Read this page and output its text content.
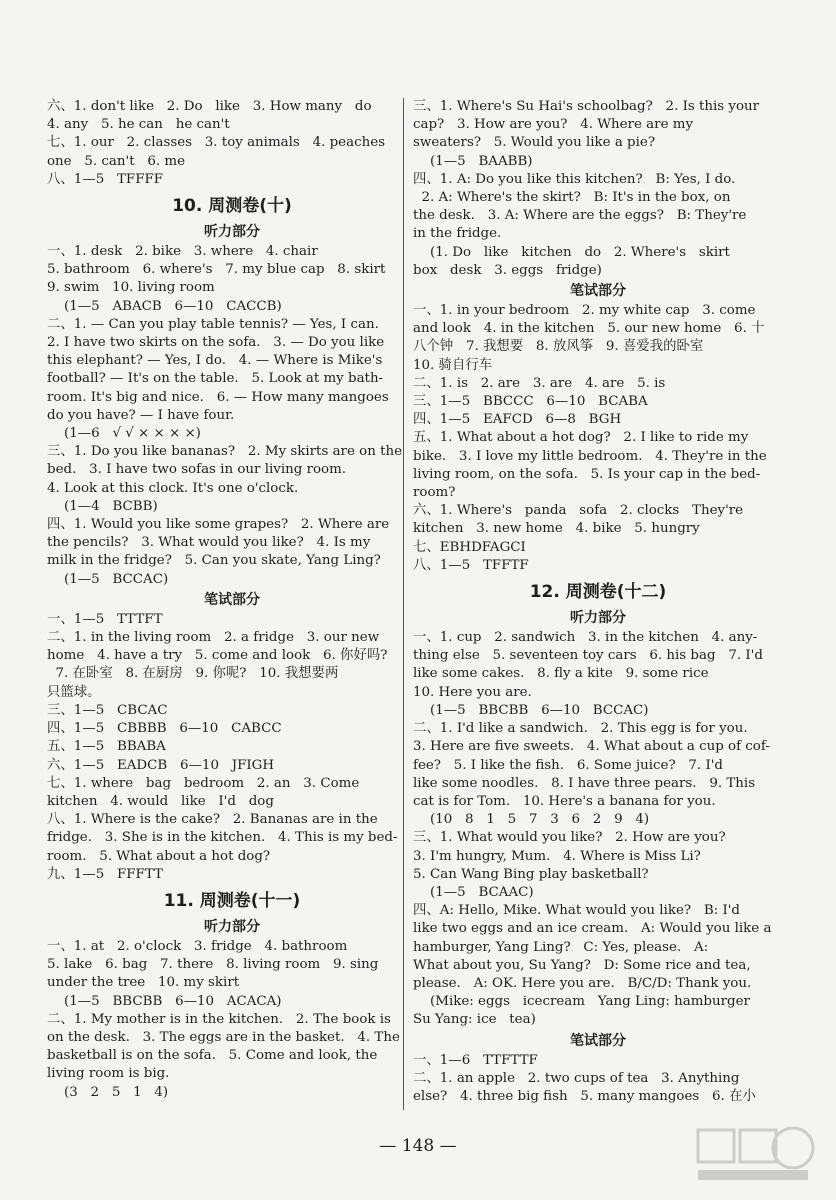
六、1. don't like   2. Do   like   3. How many   do
4. any   5. he can   he can't
七、1. our   2. classes   3. toy animals   4. peaches
one   5. can't   6. me
八、1—5   TFFFF
10. 周测卷(十)
听力部分
一、1. desk   2. bike   3. where   4. chair
5. bathroom   6. where's   7. my blue cap   8. skirt
9. swim   10. living room
(1—5   ABACB   6—10   CACCB)
二、1. — Can you play table tennis? — Yes, I can.
2. I have two skirts on the sofa.   3. — Do you like
this elephant? — Yes, I do.   4. — Where is Mike's
football? — It's on the table.   5. Look at my bath-
room. It's big and nice.   6. — How many mangoes
do you have? — I have four.
(1—6   √ √ × × × ×)
三、1. Do you like bananas?   2. My skirts are on the
bed.   3. I have two sofas in our living room.
4. Look at this clock. It's one o'clock.
(1—4   BCBB)
四、1. Would you like some grapes?   2. Where are
the pencils?   3. What would you like?   4. Is my
milk in the fridge?   5. Can you skate, Yang Ling?
(1—5   BCCAC)
笔试部分
一、1—5   TTTFT
二、1. in the living room   2. a fridge   3. our new
home   4. have a try   5. come and look   6. 你好吗?
7. 在卧室   8. 在厨房   9. 你呢?   10. 我想要两
只篮球。
三、1—5   CBCAC
四、1—5   CBBBB   6—10   CABCC
五、1—5   BBABA
六、1—5   EADCB   6—10   JFIGH
七、1. where   bag   bedroom   2. an   3. Come
kitchen   4. would   like   I'd   dog
八、1. Where is the cake?   2. Bananas are in the
fridge.   3. She is in the kitchen.   4. This is my bed-
room.   5. What about a hot dog?
九、1—5   FFFTT
11. 周测卷(十一)
听力部分
一、1. at   2. o'clock   3. fridge   4. bathroom
5. lake   6. bag   7. there   8. living room   9. sing
under the tree   10. my skirt
(1—5   BBCBB   6—10   ACACA)
二、1. My mother is in the kitchen.   2. The book is
on the desk.   3. The eggs are in the basket.   4. The
basketball is on the sofa.   5. Come and look, the
living room is big.
(3   2   5   1   4)
三、1. Where's Su Hai's schoolbag?   2. Is this your
cap?   3. How are you?   4. Where are my
sweaters?   5. Would you like a pie?
(1—5   BAABB)
四、1. A: Do you like this kitchen?   B: Yes, I do.
2. A: Where's the skirt?   B: It's in the box, on
the desk.   3. A: Where are the eggs?   B: They're
in the fridge.
(1. Do   like   kitchen   do   2. Where's   skirt
box   desk   3. eggs   fridge)
笔试部分
一、1. in your bedroom   2. my white cap   3. come
and look   4. in the kitchen   5. our new home   6. 十
八个钟   7. 我想要   8. 放风筝   9. 喜爱我的卧室
10. 骑自行车
二、1. is   2. are   3. are   4. are   5. is
三、1—5   BBCCC   6—10   BCABA
四、1—5   EAFCD   6—8   BGH
五、1. What about a hot dog?   2. I like to ride my
bike.   3. I love my little bedroom.   4. They're in the
living room, on the sofa.   5. Is your cap in the bed-
room?
六、1. Where's   panda   sofa   2. clocks   They're
kitchen   3. new home   4. bike   5. hungry
七、EBHDFAGCI
八、1—5   TFFTF
12. 周测卷(十二)
听力部分
一、1. cup   2. sandwich   3. in the kitchen   4. any-
thing else   5. seventeen toy cars   6. his bag   7. I'd
like some cakes.   8. fly a kite   9. some rice
10. Here you are.
(1—5   BBCBB   6—10   BCCAC)
二、1. I'd like a sandwich.   2. This egg is for you.
3. Here are five sweets.   4. What about a cup of cof-
fee?   5. I like the fish.   6. Some juice?   7. I'd
like some noodles.   8. I have three pears.   9. This
cat is for Tom.   10. Here's a banana for you.
(10   8   1   5   7   3   6   2   9   4)
三、1. What would you like?   2. How are you?
3. I'm hungry, Mum.   4. Where is Miss Li?
5. Can Wang Bing play basketball?
(1—5   BCAAC)
四、A: Hello, Mike. What would you like?   B: I'd
like two eggs and an ice cream.   A: Would you like a
hamburger, Yang Ling?   C: Yes, please.   A:
What about you, Su Yang?   D: Some rice and tea,
please.   A: OK. Here you are.   B/C/D: Thank you.
(Mike: eggs   icecream   Yang Ling: hamburger
Su Yang: ice   tea)
笔试部分
一、1—6   TTFTTF
二、1. an apple   2. two cups of tea   3. Anything
else?   4. three big fish   5. many mangoes   6. 在小
— 148 —
